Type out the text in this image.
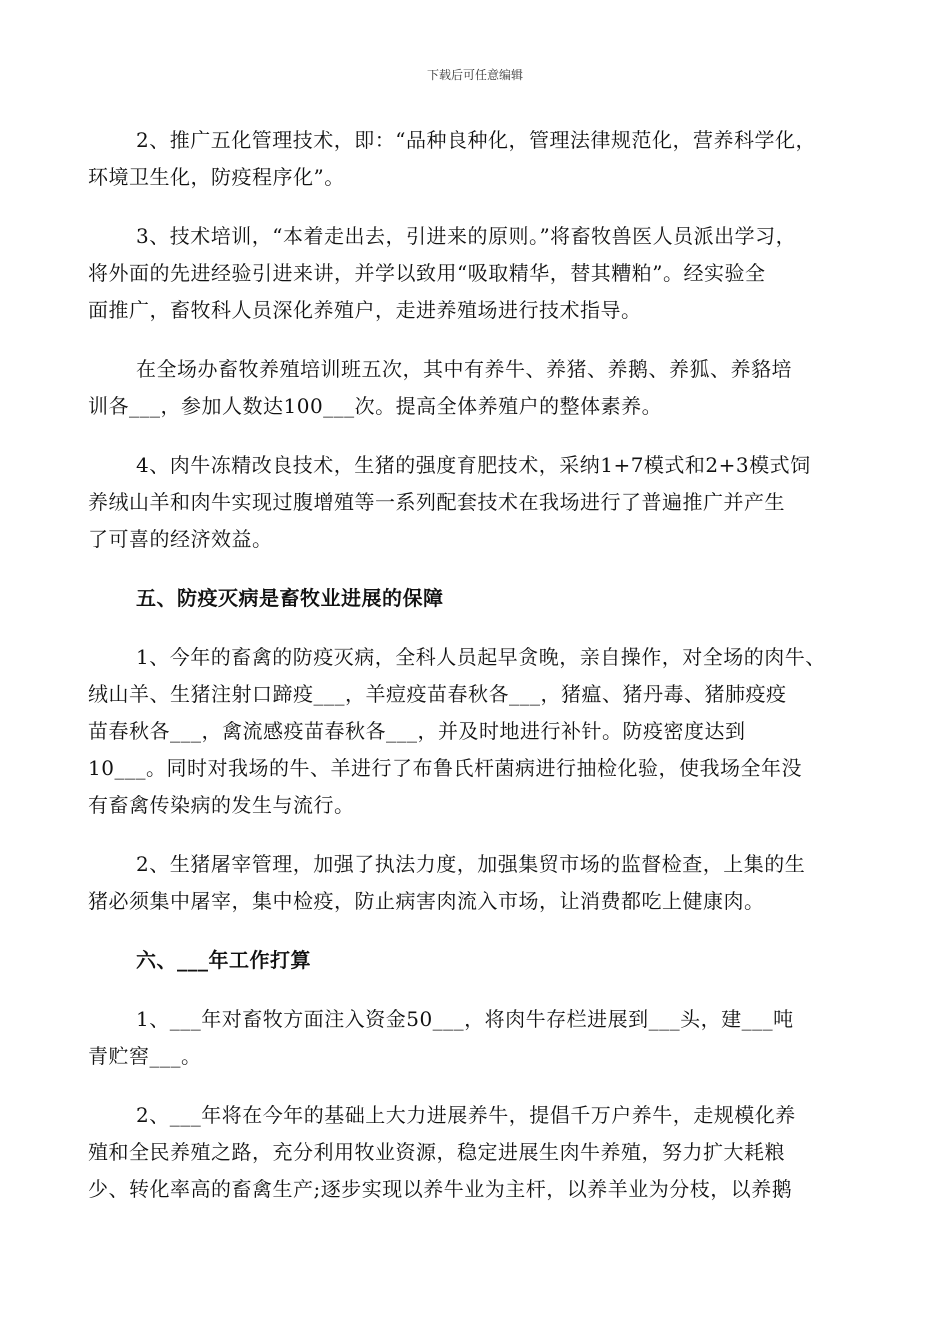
下载后可任意编辑
2、推广五化管理技术，即：“品种良种化，管理法律规范化，营养科学化，
环境卫生化，防疫程序化”。
3、技术培训，“本着走出去，引进来的原则。”将畜牧兽医人员派出学习，
将外面的先进经验引进来讲，并学以致用“吸取精华，替其糟粕”。经实验全
面推广，畜牧科人员深化养殖户，走进养殖场进行技术指导。
在全场办畜牧养殖培训班五次，其中有养牛、养猪、养鹅、养狐、养貉培
训各___，参加人数达100___次。提高全体养殖户的整体素养。
4、肉牛冻精改良技术，生猪的强度育肥技术，采纳1+7模式和2+3模式饲
养绒山羊和肉牛实现过腹增殖等一系列配套技术在我场进行了普遍推广并产生
了可喜的经济效益。
五、防疫灭病是畜牧业进展的保障
1、今年的畜禽的防疫灭病，全科人员起早贪晚，亲自操作，对全场的肉牛、
绒山羊、生猪注射口蹄疫___，羊痘疫苗春秋各___，猪瘟、猪丹毒、猪肺疫疫
苗春秋各___，禽流感疫苗春秋各___，并及时地进行补针。防疫密度达到
10___。同时对我场的牛、羊进行了布鲁氏杆菌病进行抽检化验，使我场全年没
有畜禽传染病的发生与流行。
2、生猪屠宰管理，加强了执法力度，加强集贸市场的监督检查，上集的生
猪必须集中屠宰，集中检疫，防止病害肉流入市场，让消费都吃上健康肉。
六、___年工作打算
1、___年对畜牧方面注入资金50___，将肉牛存栏进展到___头，建___吨
青贮窖___。
2、___年将在今年的基础上大力进展养牛，提倡千万户养牛，走规模化养
殖和全民养殖之路，充分利用牧业资源，稳定进展生肉牛养殖，努力扩大耗粮
少、转化率高的畜禽生产;逐步实现以养牛业为主杆，以养羊业为分枝，以养鹅
